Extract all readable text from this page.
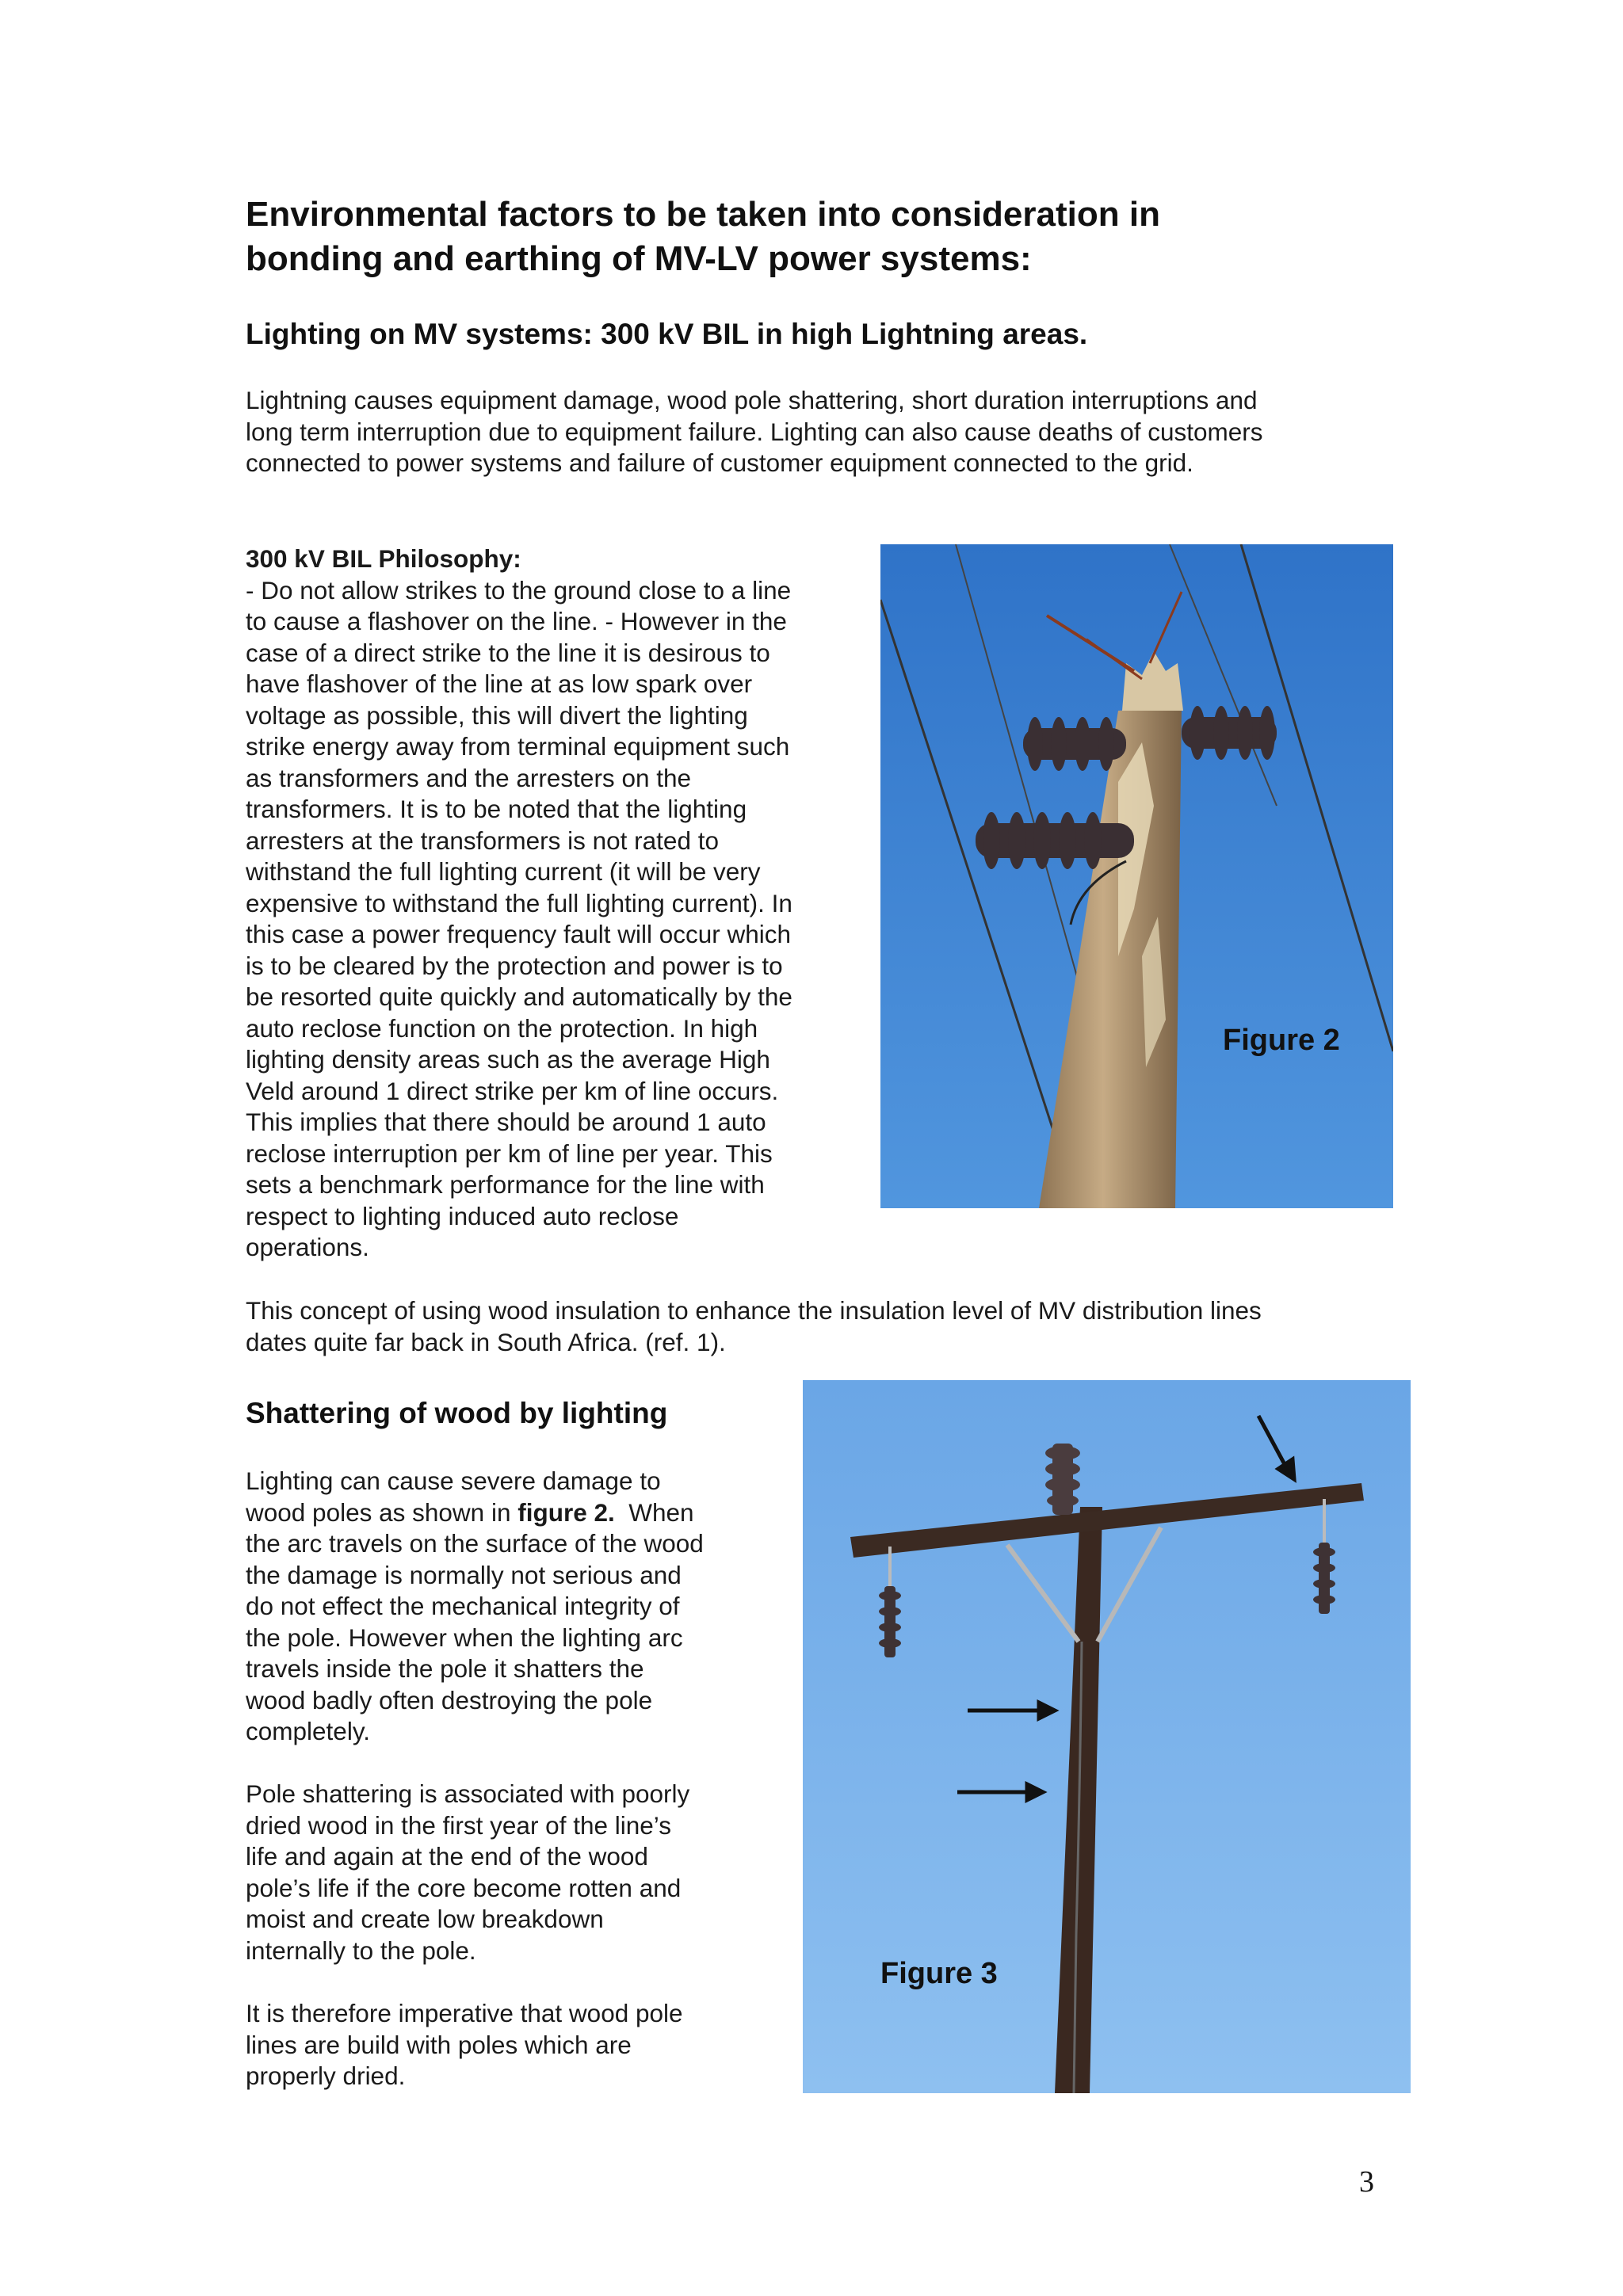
Environmental factors to be taken into consideration in
bonding and earthing of MV-LV power systems:
Lighting on MV systems: 300 kV BIL in high Lightning areas.

Lightning causes equipment damage, wood pole shattering, short duration interruptions and
long term interruption due to equipment failure. Lighting can also cause deaths of customers
connected to power systems and failure of customer equipment connected to the grid.

300 kV BIL Philosophy:
- Do not allow strikes to the ground close to a line
to cause a flashover on the line. - However in the
case of a direct strike to the line it is desirous to
have flashover of the line at as low spark over
voltage as possible, this will divert the lighting
strike energy away from terminal equipment such
as transformers and the arresters on the
transformers. It is to be noted that the lighting
arresters at the transformers is not rated to
withstand the full lighting current (it will be very
expensive to withstand the full lighting current). In
this case a power frequency fault will occur which
is to be cleared by the protection and power is to
be resorted quite quickly and automatically by the
auto reclose function on the protection. In high
lighting density areas such as the average High
Veld around 1 direct strike per km of line occurs.
This implies that there should be around 1 auto
reclose interruption per km of line per year. This
sets a benchmark performance for the line with
respect to lighting induced auto reclose
operations.

Figure 2

This concept of using wood insulation to enhance the insulation level of MV distribution lines
dates quite far back in South Africa. (ref. 1).

Shattering of wood by lighting

Lighting can cause severe damage to
wood poles as shown in figure 2.  When
the arc travels on the surface of the wood
the damage is normally not serious and
do not effect the mechanical integrity of
the pole. However when the lighting arc
travels inside the pole it shatters the
wood badly often destroying the pole
completely.

Pole shattering is associated with poorly
dried wood in the first year of the line’s
life and again at the end of the wood
pole’s life if the core become rotten and
moist and create low breakdown
internally to the pole.

It is therefore imperative that wood pole
lines are build with poles which are
properly dried.

Figure 3
3
